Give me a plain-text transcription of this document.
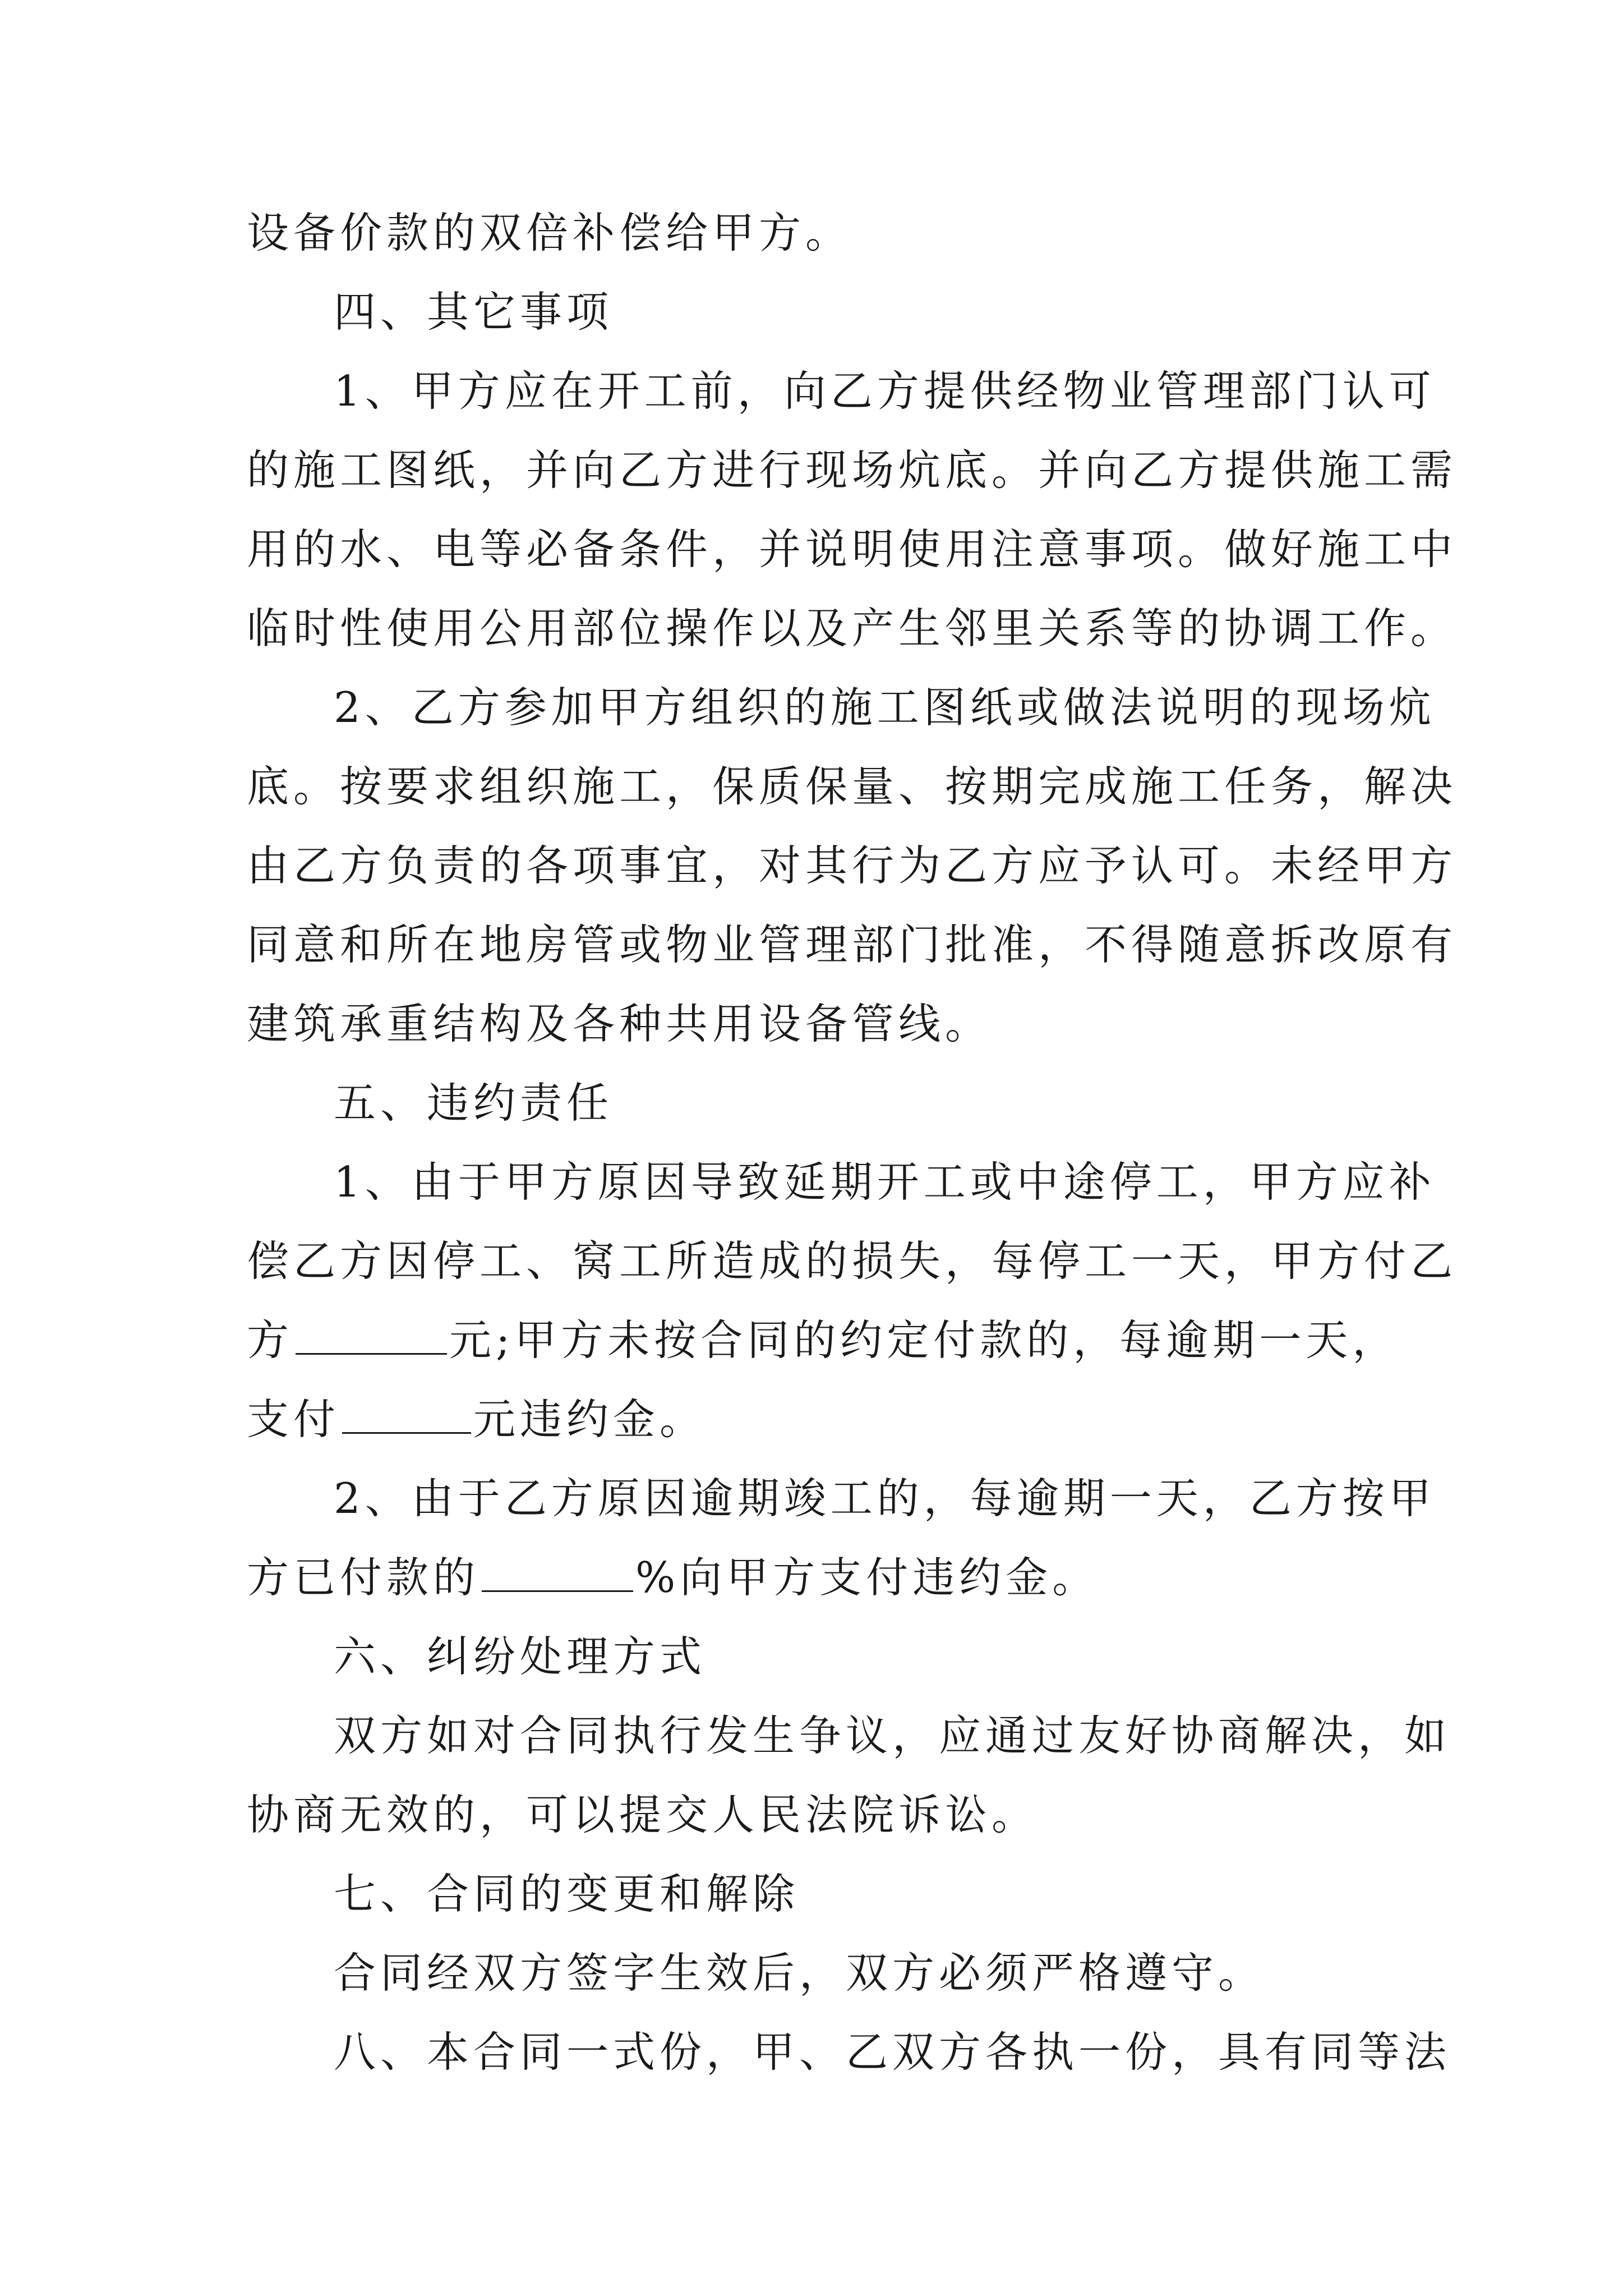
设备价款的双倍补偿给甲方。
四、其它事项
1、甲方应在开工前，向乙方提供经物业管理部门认可
的施工图纸，并向乙方进行现场炕底。并向乙方提供施工需
用的水、电等必备条件，并说明使用注意事项。做好施工中
临时性使用公用部位操作以及产生邻里关系等的协调工作。
2、乙方参加甲方组织的施工图纸或做法说明的现场炕
底。按要求组织施工，保质保量、按期完成施工任务，解决
由乙方负责的各项事宜，对其行为乙方应予认可。未经甲方
同意和所在地房管或物业管理部门批准，不得随意拆改原有
建筑承重结构及各种共用设备管线。
五、违约责任
1、由于甲方原因导致延期开工或中途停工，甲方应补
偿乙方因停工、窝工所造成的损失，每停工一天，甲方付乙
方	元;甲方未按合同的约定付款的，每逾期一天，
支付	元违约金。
2、由于乙方原因逾期竣工的，每逾期一天，乙方按甲
方已付款的	%向甲方支付违约金。
六、纠纷处理方式
双方如对合同执行发生争议，应通过友好协商解决，如
协商无效的，可以提交人民法院诉讼。
七、合同的变更和解除
合同经双方签字生效后，双方必须严格遵守。
八、本合同一式份，甲、乙双方各执一份，具有同等法
